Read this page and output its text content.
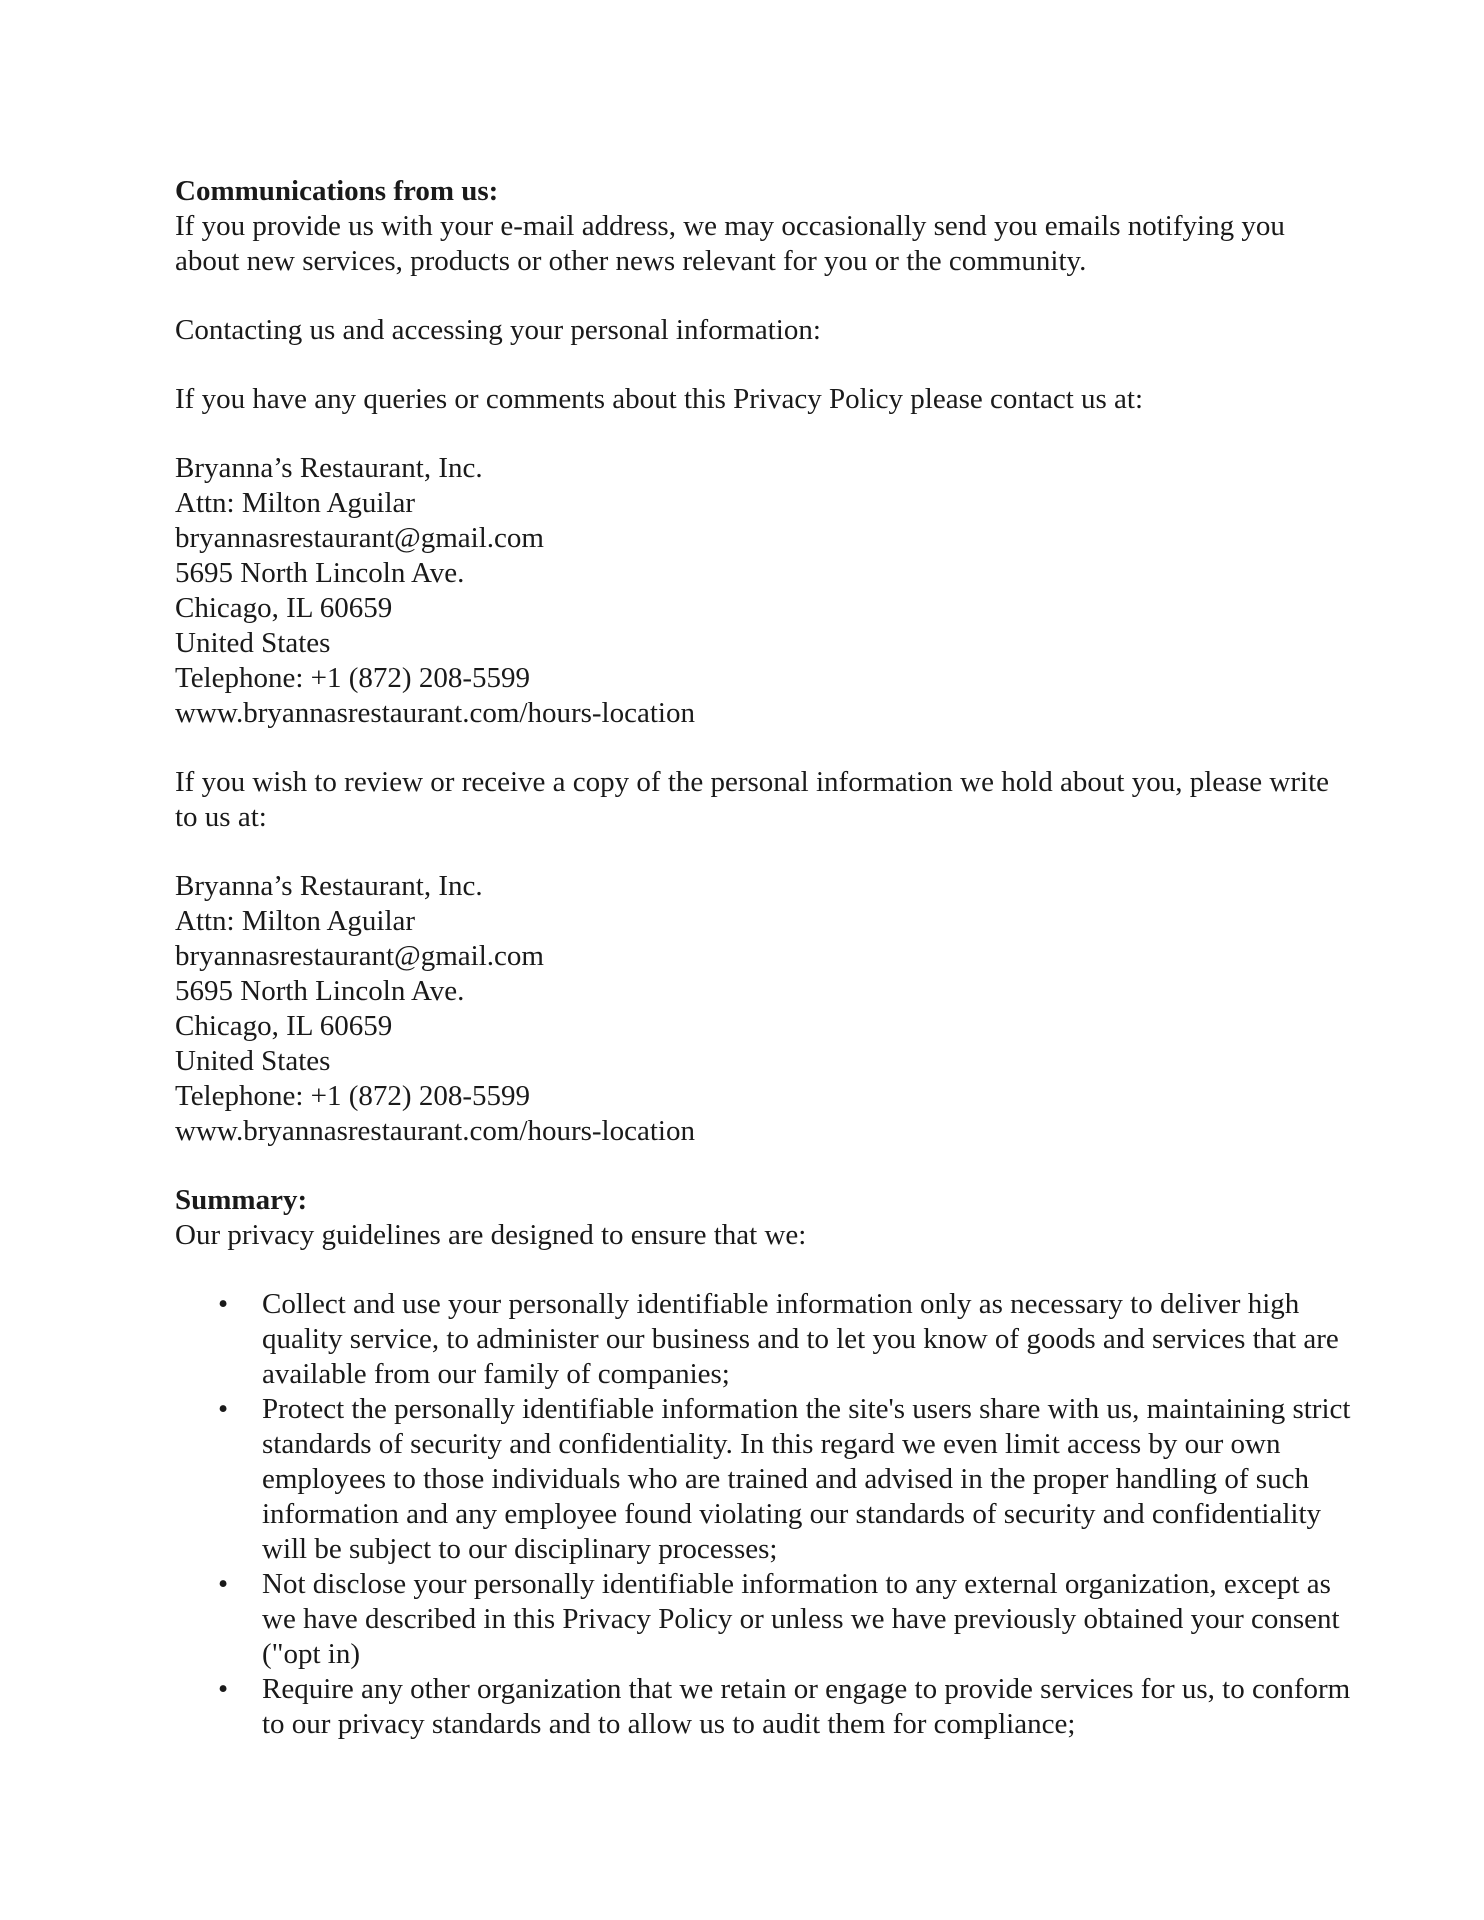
Communications from us:

If you provide us with your e-mail address, we may occasionally send you emails notifying you about new services, products or other news relevant for you or the community.

Contacting us and accessing your personal information:

If you have any queries or comments about this Privacy Policy please contact us at:

Bryanna’s Restaurant, Inc.

Attn: Milton Aguilar

bryannasrestaurant@gmail.com

5695 North Lincoln Ave.

Chicago, IL 60659

United States

Telephone: +1 (872) 208-5599

www.bryannasrestaurant.com/hours-location

If you wish to review or receive a copy of the personal information we hold about you, please write to us at:

Bryanna’s Restaurant, Inc.

Attn: Milton Aguilar

bryannasrestaurant@gmail.com

5695 North Lincoln Ave.

Chicago, IL 60659

United States

Telephone: +1 (872) 208-5599

www.bryannasrestaurant.com/hours-location

Summary:

Our privacy guidelines are designed to ensure that we:

• Collect and use your personally identifiable information only as necessary to deliver high quality service, to administer our business and to let you know of goods and services that are available from our family of companies;
• Protect the personally identifiable information the site's users share with us, maintaining strict standards of security and confidentiality. In this regard we even limit access by our own employees to those individuals who are trained and advised in the proper handling of such information and any employee found violating our standards of security and confidentiality will be subject to our disciplinary processes;
• Not disclose your personally identifiable information to any external organization, except as we have described in this Privacy Policy or unless we have previously obtained your consent ("opt in)
• Require any other organization that we retain or engage to provide services for us, to conform to our privacy standards and to allow us to audit them for compliance;
